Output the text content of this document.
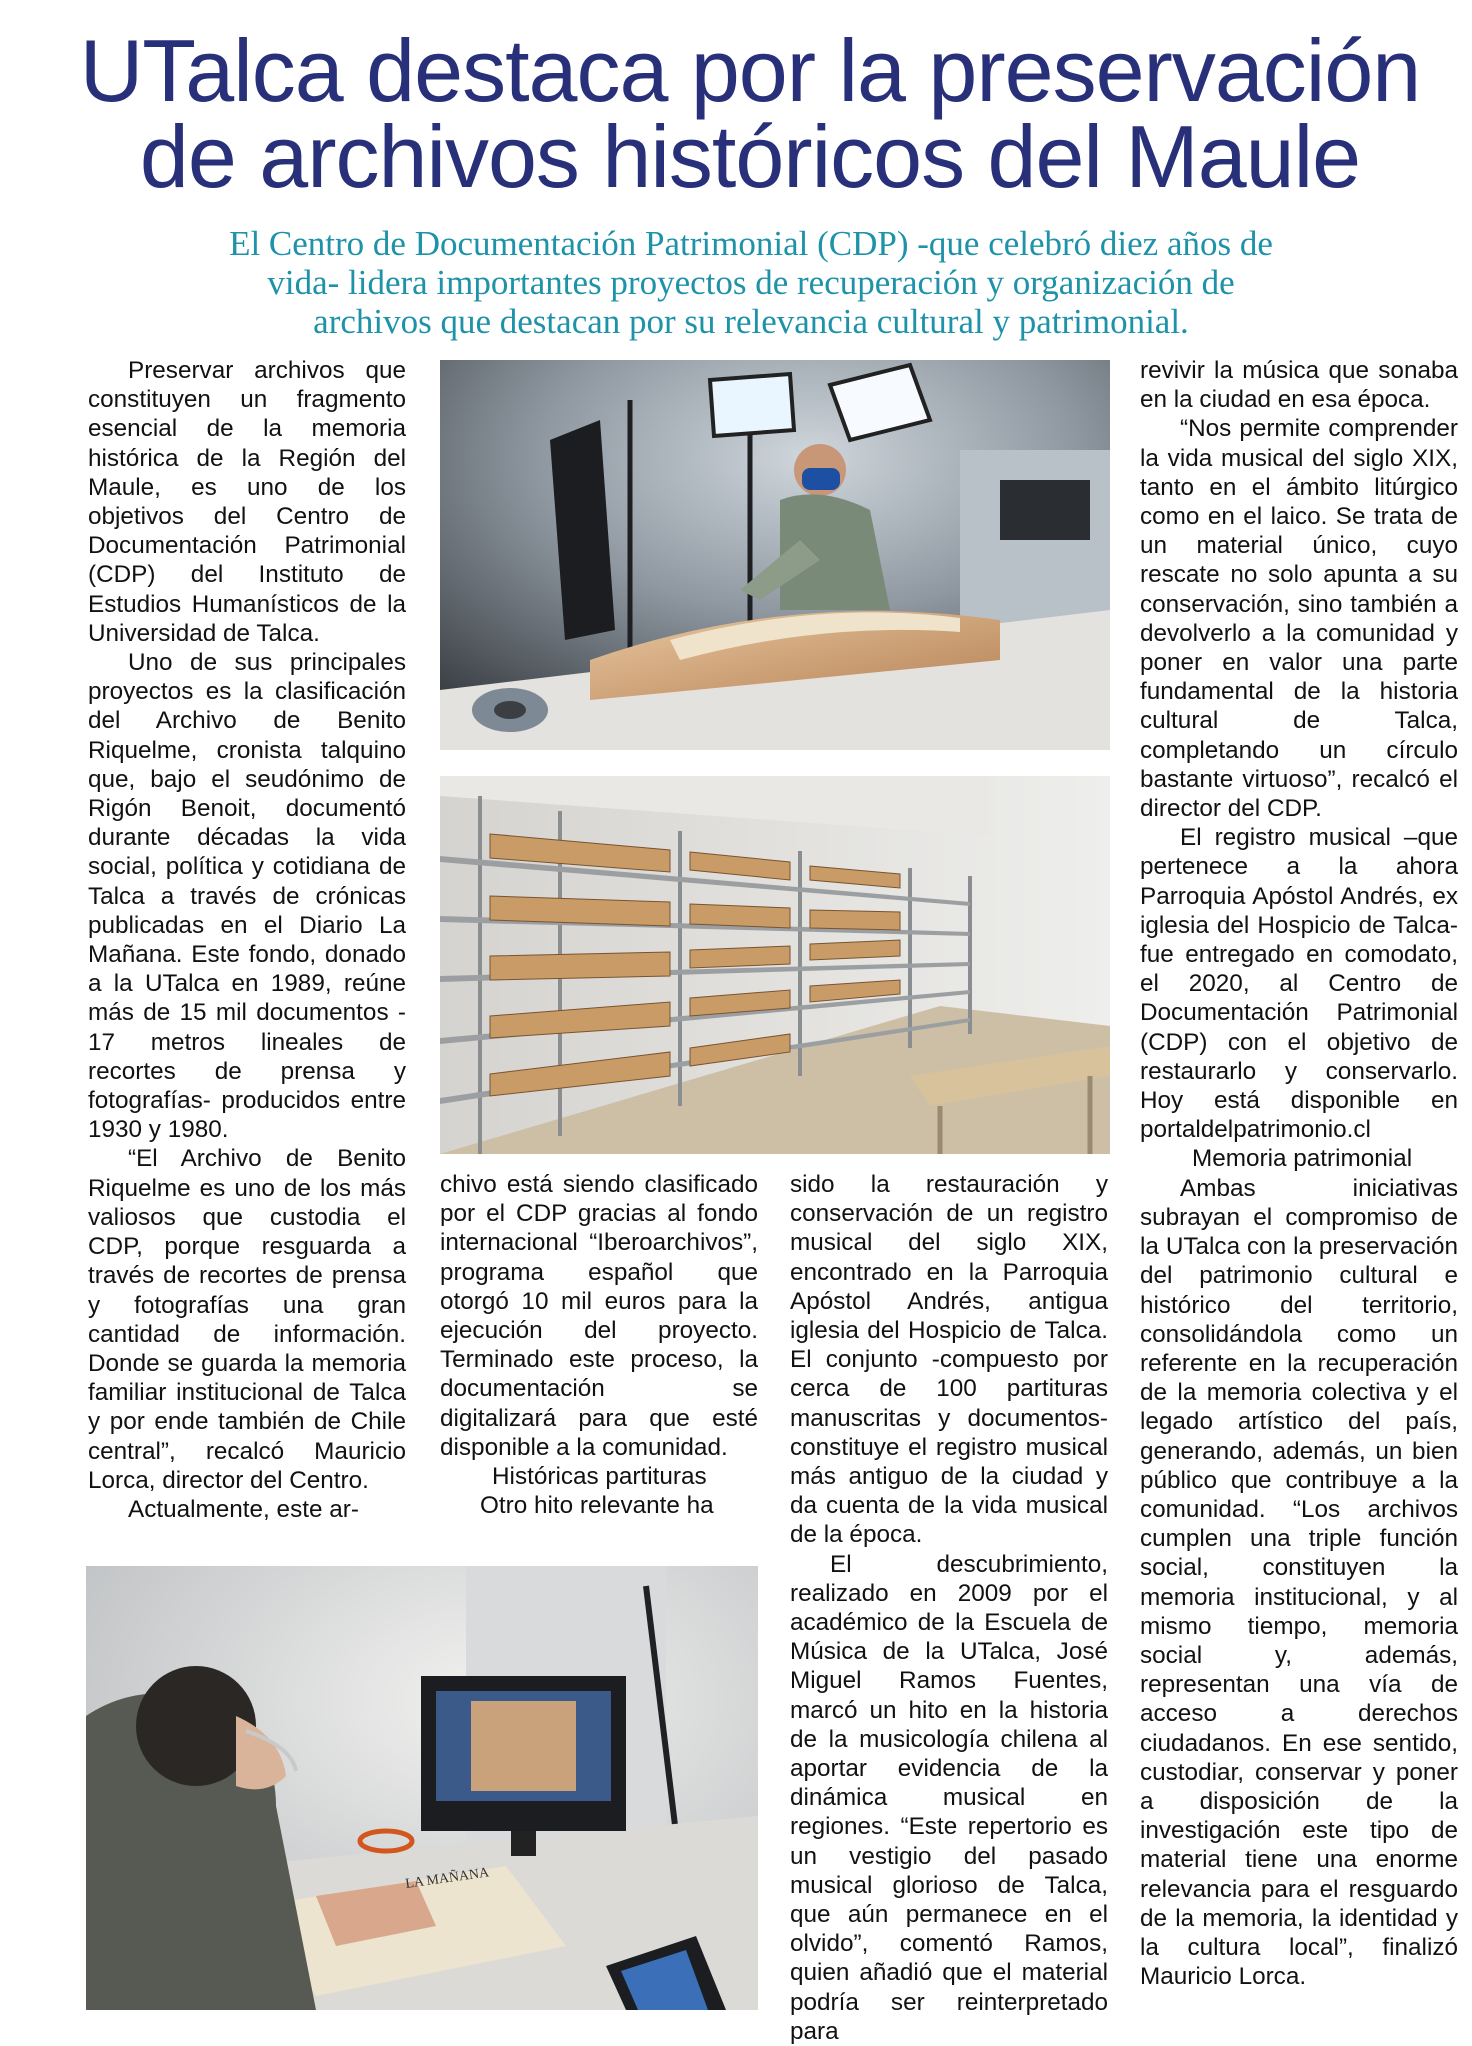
UTalca destaca por la preservación
de archivos históricos del Maule

El Centro de Documentación Patrimonial (CDP) -que celebró diez años de
vida- lidera importantes proyectos de recuperación y organización de
archivos que destacan por su relevancia cultural y patrimonial.

Preservar archivos que constituyen un fragmento esencial de la memoria histórica de la Región del Maule, es uno de los objetivos del Centro de Documentación Patrimonial (CDP) del Instituto de Estudios Humanísticos de la Universidad de Talca.

Uno de sus principales proyectos es la clasificación del Archivo de Benito Riquelme, cronista talquino que, bajo el seudónimo de Rigón Benoit, documentó durante décadas la vida social, política y cotidiana de Talca a través de crónicas publicadas en el Diario La Mañana. Este fondo, donado a la UTalca en 1989, reúne más de 15 mil documentos - 17 metros lineales de recortes de prensa y fotografías- producidos entre 1930 y 1980.

“El Archivo de Benito Riquelme es uno de los más valiosos que custodia el CDP, porque resguarda a través de recortes de prensa y fotografías una gran cantidad de información. Donde se guarda la memoria familiar institucional de Talca y por ende también de Chile central”, recalcó Mauricio Lorca, director del Centro.

Actualmente, este ar-

chivo está siendo clasificado por el CDP gracias al fondo internacional “Iberoarchivos”, programa español que otorgó 10 mil euros para la ejecución del proyecto. Terminado este proceso, la documentación se digitalizará para que esté disponible a la comunidad.

Históricas partituras

Otro hito relevante ha

sido la restauración y conservación de un registro musical del siglo XIX, encontrado en la Parroquia Apóstol Andrés, antigua iglesia del Hospicio de Talca. El conjunto -compuesto por cerca de 100 partituras manuscritas y documentos- constituye el registro musical más antiguo de la ciudad y da cuenta de la vida musical de la época.

El descubrimiento, realizado en 2009 por el académico de la Escuela de Música de la UTalca, José Miguel Ramos Fuentes, marcó un hito en la historia de la musicología chilena al aportar evidencia de la dinámica musical en regiones. “Este repertorio es un vestigio del pasado musical glorioso de Talca, que aún permanece en el olvido”, comentó Ramos, quien añadió que el material podría ser reinterpretado para

revivir la música que sonaba en la ciudad en esa época.

“Nos permite comprender la vida musical del siglo XIX, tanto en el ámbito litúrgico como en el laico. Se trata de un material único, cuyo rescate no solo apunta a su conservación, sino también a devolverlo a la comunidad y poner en valor una parte fundamental de la historia cultural de Talca, completando un círculo bastante virtuoso”, recalcó el director del CDP.

El registro musical –que pertenece a la ahora Parroquia Apóstol Andrés, ex iglesia del Hospicio de Talca- fue entregado en comodato, el 2020, al Centro de Documentación Patrimonial (CDP) con el objetivo de restaurarlo y conservarlo. Hoy está disponible en portaldelpatrimonio.cl

Memoria patrimonial

Ambas iniciativas subrayan el compromiso de la UTalca con la preservación del patrimonio cultural e histórico del territorio, consolidándola como un referente en la recuperación de la memoria colectiva y el legado artístico del país, generando, además, un bien público que contribuye a la comunidad. “Los archivos cumplen una triple función social, constituyen la memoria institucional, y al mismo tiempo, memoria social y, además, representan una vía de acceso a derechos ciudadanos. En ese sentido, custodiar, conservar y poner a disposición de la investigación este tipo de material tiene una enorme relevancia para el resguardo de la memoria, la identidad y la cultura local”, finalizó Mauricio Lorca.

LA MAÑANA
